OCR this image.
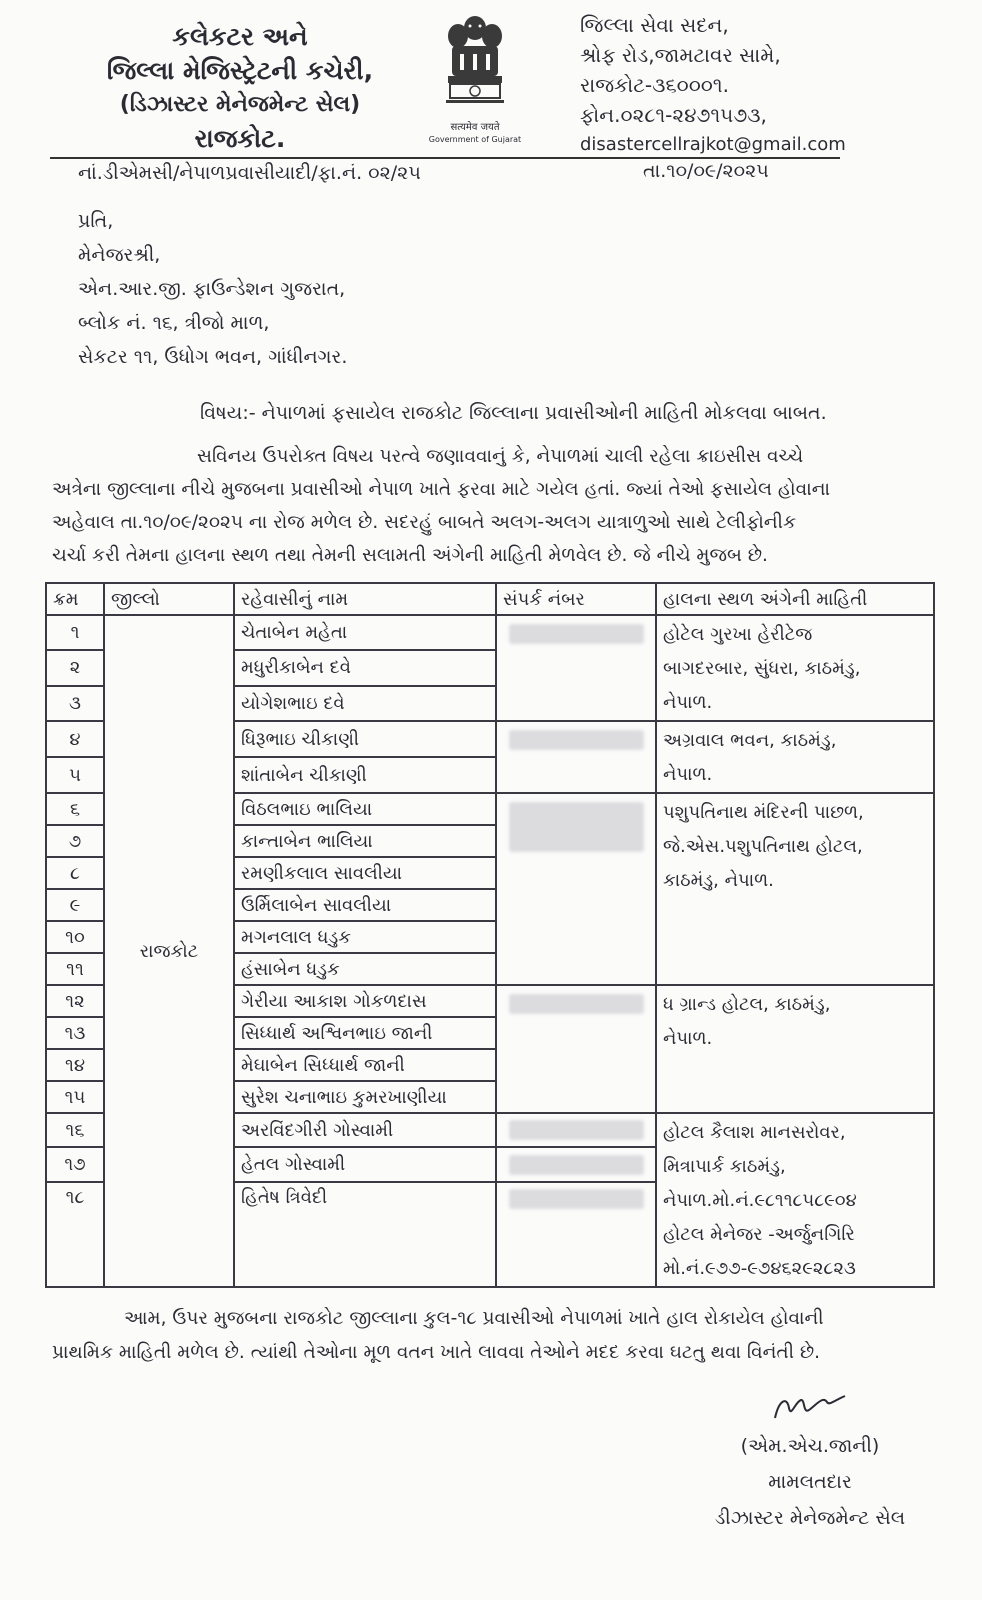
કલેકટર અને
જિલ્લા મેજિસ્ટ્રેટની કચેરી,
(ડિઝાસ્ટર મેનેજમેન્ટ સેલ)
રાજકોટ.	सत्यमेव जयते
Government of Gujarat
જિલ્લા સેવા સદન,
શ્રોફ રોડ,જામટાવર સામે,
રાજકોટ-૩૬૦૦૦૧.
ફોન.૦૨૮૧-૨૪૭૧૫૭૩,
disastercellrajkot@gmail.com
નાં.ડીએમસી/નેપાળપ્રવાસીયાદી/ફા.નં. ૦૨/૨૫	તા.૧૦/૦૯/૨૦૨૫
પ્રતિ,
મેનેજરશ્રી,
એન.આર.જી. ફાઉન્ડેશન ગુજરાત,
બ્લોક નં. ૧૬, ત્રીજો માળ,
સેકટર ૧૧, ઉધોગ ભવન, ગાંધીનગર.
વિષય:- નેપાળમાં ફસાયેલ રાજકોટ જિલ્લાના પ્રવાસીઓની માહિતી મોકલવા બાબત.
સવિનય ઉપરોક્ત વિષય પરત્વે જણાવવાનું કે, નેપાળમાં ચાલી રહેલા ક્રાઇસીસ વચ્ચે
અત્રેના જીલ્લાના નીચે મુજબના પ્રવાસીઓ નેપાળ ખાતે ફરવા માટે ગયેલ હતાં. જ્યાં તેઓ ફસાયેલ હોવાના
અહેવાલ તા.૧૦/૦૯/૨૦૨૫ ના રોજ મળેલ છે. સદરહું બાબતે અલગ-અલગ યાત્રાળુઓ સાથે ટેલીફોનીક
ચર્ચા કરી તેમના હાલના સ્થળ તથા તેમની સલામતી અંગેની માહિતી મેળવેલ છે. જે નીચે મુજબ છે.
ક્રમ	જીલ્લો	રહેવાસીનું નામ	સંપર્ક નંબર	હાલના સ્થળ અંગેની માહિતી
૧	રાજકોટ	ચેતાબેન મહેતા		હોટેલ ગુરખા હેરીટેજ
બાગદરબાર, સુંધરા, કાઠમંડુ,
નેપાળ.

૨		મધુરીકાબેન દવે		
૩		યોગેશભાઇ દવે		
૪		ધિરૂભાઇ ચીકાણી		અગ્રવાલ ભવન, કાઠમંડુ,
નેપાળ.

૫		શાંતાબેન ચીકાણી		
૬		વિઠલભાઇ ભાલિયા		પશુપતિનાથ મંદિરની પાછળ,
જે.એસ.પશુપતિનાથ હોટલ,
કાઠમંડુ, નેપાળ.

૭		કાન્તાબેન ભાલિયા		
૮		રમણીકલાલ સાવલીયા		
૯		ઉર્મિલાબેન સાવલીયા		
૧૦		મગનલાલ ધડુક		
૧૧		હંસાબેન ધડુક		
૧૨		ગેરીયા આકાશ ગોકળદાસ		ધ ગ્રાન્ડ હોટલ, કાઠમંડુ,
નેપાળ.

૧૩		સિધ્ધાર્થ અશ્વિનભાઇ જાની		
૧૪		મેઘાબેન સિધ્ધાર્થ જાની		
૧૫		સુરેશ ચનાભાઇ કુમરખાણીયા		
૧૬		અરવિંદગીરી ગોસ્વામી		હોટલ કૈલાશ માનસરોવર,
મિત્રાપાર્ક કાઠમંડુ,
નેપાળ.મો.નં.૯૮૧૧૮૫૮૯૦૪
હોટલ મેનેજર -અર્જુનગિરિ
મો.નં.૯૭૭-૯૭૪૬૨૯૨૮૨૩

૧૭		હેતલ ગોસ્વામી		

૧૮		હિતેષ ત્રિવેદી		
આમ, ઉપર મુજબના રાજકોટ જીલ્લાના કુલ-૧૮ પ્રવાસીઓ નેપાળમાં ખાતે હાલ રોકાયેલ હોવાની
પ્રાથમિક માહિતી મળેલ છે. ત્યાંથી તેઓના મૂળ વતન ખાતે લાવવા તેઓને મદદ કરવા ઘટતુ થવા વિનંતી છે.
(એમ.એચ.જાની)
મામલતદાર
ડીઝાસ્ટર મેનેજમેન્ટ સેલ
